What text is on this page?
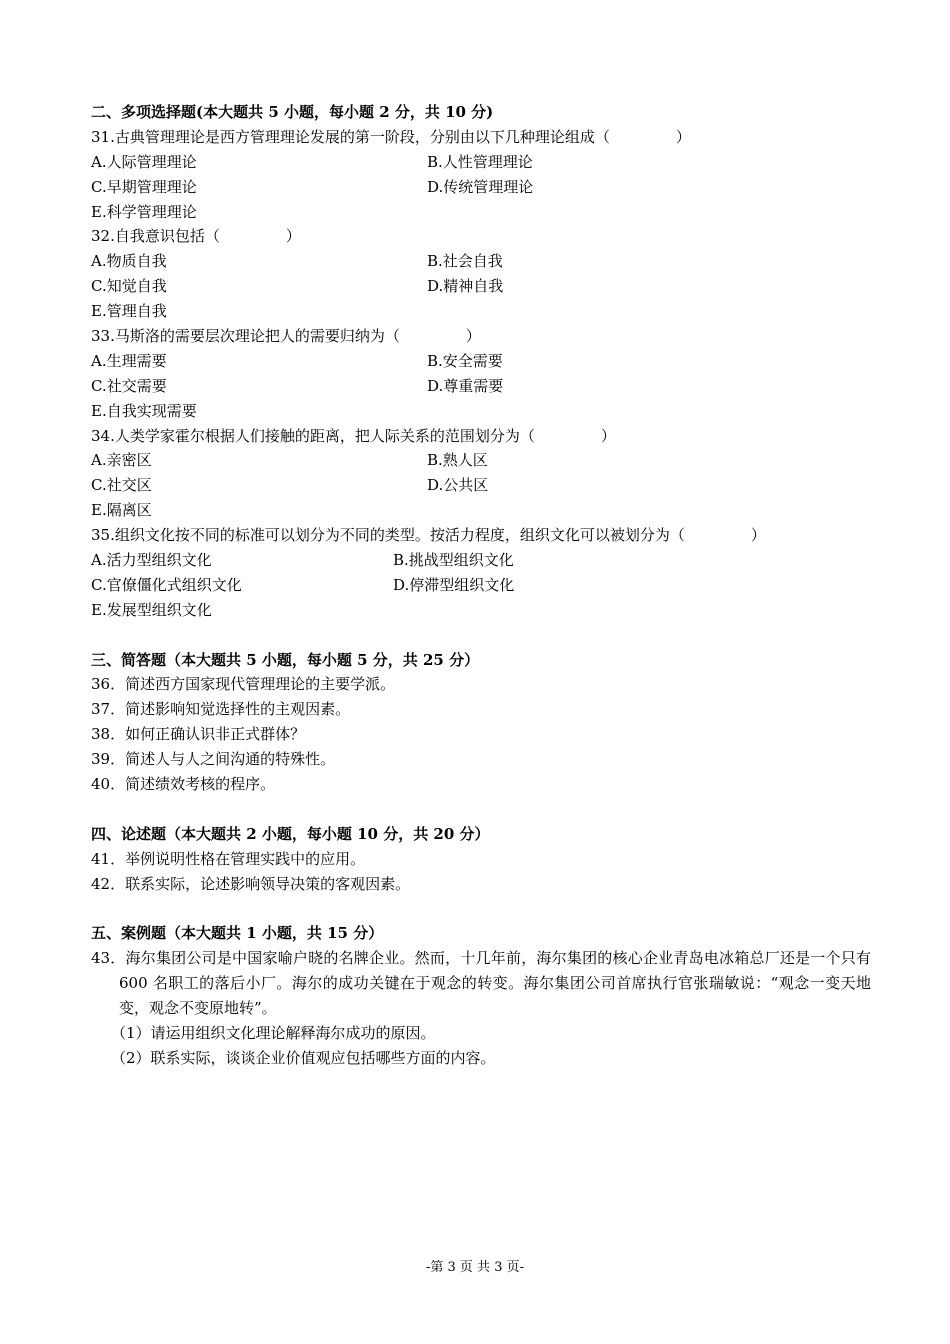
二、多项选择题(本大题共 5 小题，每小题 2 分，共 10 分)
31.古典管理理论是西方管理理论发展的第一阶段，分别由以下几种理论组成（	）
A.人际管理理论	B.人性管理理论
C.早期管理理论	D.传统管理理论
E.科学管理理论
32.自我意识包括（	）
A.物质自我	B.社会自我
C.知觉自我	D.精神自我
E.管理自我
33.马斯洛的需要层次理论把人的需要归纳为（	）
A.生理需要	B.安全需要
C.社交需要	D.尊重需要
E.自我实现需要
34.人类学家霍尔根据人们接触的距离，把人际关系的范围划分为（	）
A.亲密区	B.熟人区
C.社交区	D.公共区
E.隔离区
35.组织文化按不同的标准可以划分为不同的类型。按活力程度，组织文化可以被划分为（	）
A.活力型组织文化	B.挑战型组织文化
C.官僚僵化式组织文化	D.停滞型组织文化
E.发展型组织文化
三、简答题（本大题共 5 小题，每小题 5 分，共 25 分）
36．简述西方国家现代管理理论的主要学派。
37．简述影响知觉选择性的主观因素。
38．如何正确认识非正式群体？
39．简述人与人之间沟通的特殊性。
40．简述绩效考核的程序。
四、论述题（本大题共 2 小题，每小题 10 分，共 20 分）
41．举例说明性格在管理实践中的应用。
42．联系实际，论述影响领导决策的客观因素。
五、案例题（本大题共 1 小题，共 15 分）
43．海尔集团公司是中国家喻户晓的名牌企业。然而，十几年前，海尔集团的核心企业青岛电冰箱总厂还是一个只有 600 名职工的落后小厂。海尔的成功关键在于观念的转变。海尔集团公司首席执行官张瑞敏说：“观念一变天地变，观念不变原地转”。
（1）请运用组织文化理论解释海尔成功的原因。
（2）联系实际，谈谈企业价值观应包括哪些方面的内容。
-第 3 页 共 3 页-
